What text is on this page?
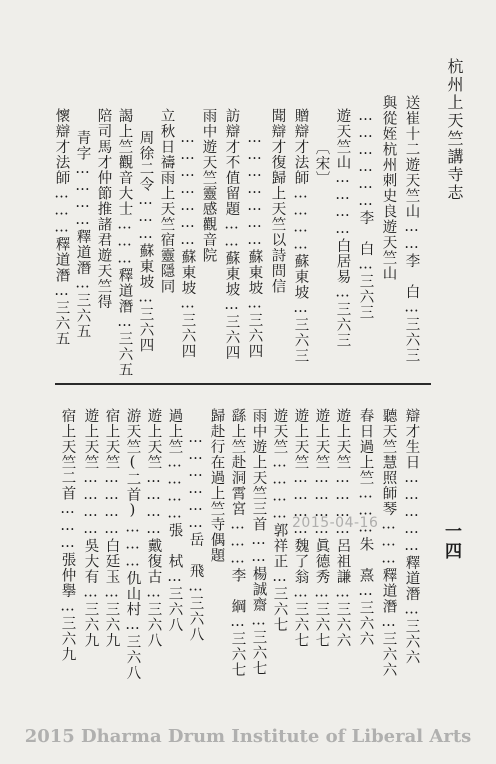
杭州上天竺講寺志
一四
送崔十二遊天竺山……李　白…三六三
與從姪杭州刺史良遊天竺山
………………李　白…三六三
遊天竺山…………白居易…三六三
〔宋〕
贈辯才法師…………蘇東坡…三六三
聞辯才復歸上天竺以詩問信
…………………蘇東坡…三六四
訪辯才不值留題……蘇東坡…三六四
雨中遊天竺靈感觀音院
…………………蘇東坡…三六四
立秋日禱雨上天竺宿靈隱同
周徐二令………蘇東坡…三六四
謁上竺觀音大士………釋道潛…三六五
陪司馬才仲節推諸君遊天竺得
青字…………釋道潛…三六五
懷辯才法師………釋道潛…三六五
辯才生日……………釋道潛…三六六
聽天竺慧照師琴………釋道潛…三六六
春日過上竺………朱　熹…三六六
遊上天竺…………呂祖謙…三六六
遊上天竺…………眞德秀…三六七
遊上天竺…………魏了翁…三六七
遊天竺…………郭祥正…三六七
雨中遊上天竺三首……楊誠齋…三六七
繇上竺赴洞霄宮………李　綱…三六七
歸赴行在過上竺寺偶題
………………岳　飛…三六八
過上竺…………張　栻…三六八
遊上天竺…………戴復古…三六八
游天竺(二首)………仇山村…三六八
宿上天竺…………白廷玉…三六九
遊上天竺…………吳大有…三六九
宿上天竺二首………張仲擧…三六九	2015-04-16
2015 Dharma Drum Institute of Liberal Arts
